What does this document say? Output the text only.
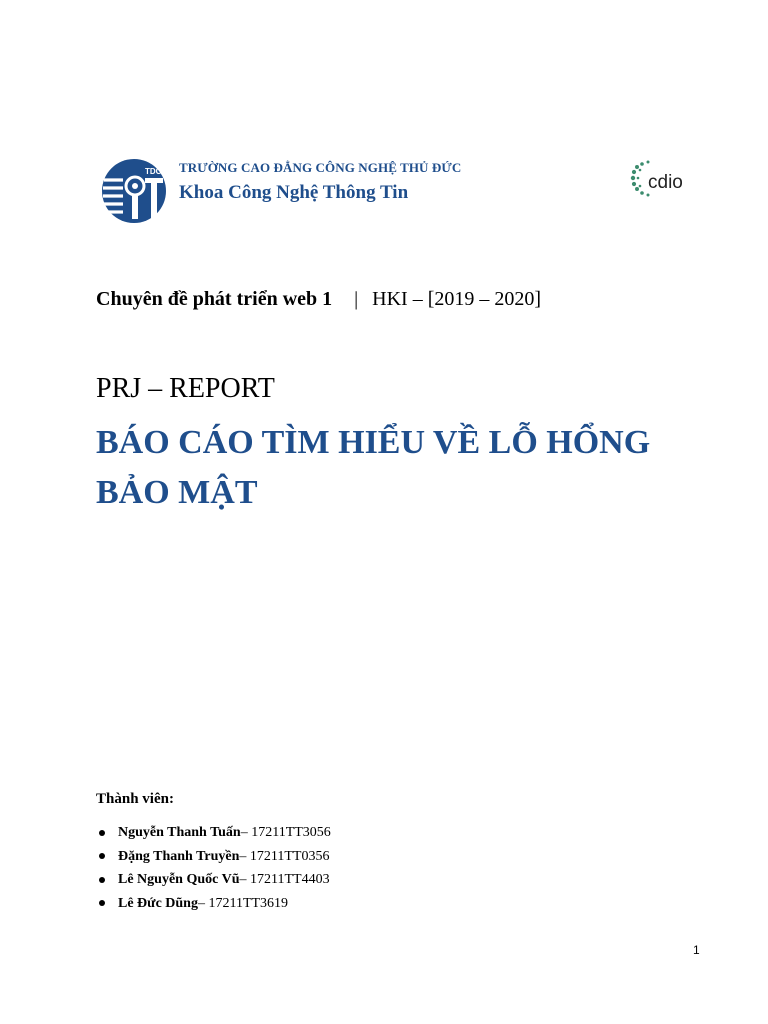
TDC TRƯỜNG CAO ĐẲNG CÔNG NGHỆ THỦ ĐỨC
Khoa Công Nghệ Thông Tin	cdio
Chuyên đề phát triển web 1 | HKI – [2019 – 2020]
PRJ – REPORT
BÁO CÁO TÌM HIỂU VỀ LỖ HỔNG BẢO MẬT
Thành viên:
Nguyễn Thanh Tuấn – 17211TT3056
Đặng Thanh Truyền – 17211TT0356
Lê Nguyễn Quốc Vũ – 17211TT4403
Lê Đức Dũng – 17211TT3619
1
